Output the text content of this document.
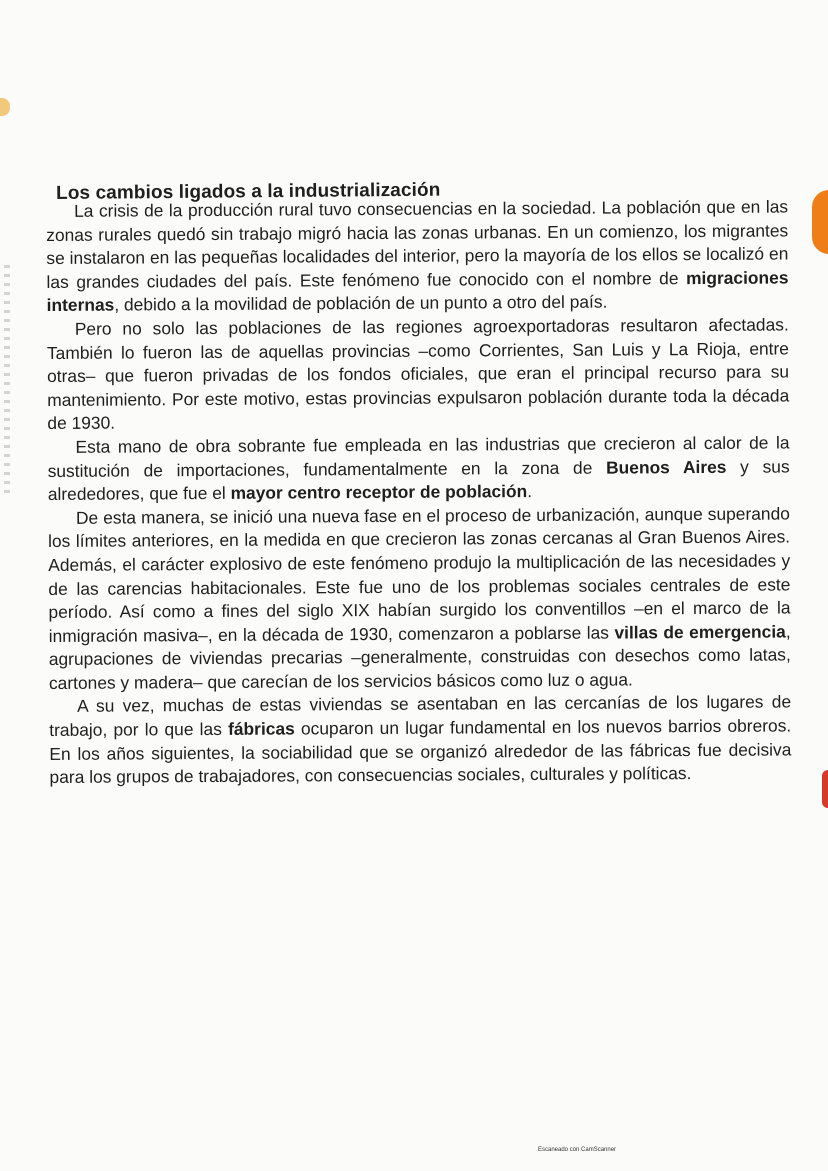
Los cambios ligados a la industrialización

La crisis de la producción rural tuvo consecuencias en la sociedad. La población que en las zonas rurales quedó sin trabajo migró hacia las zonas urbanas. En un comienzo, los migrantes se instalaron en las pequeñas localidades del interior, pero la mayoría de los ellos se localizó en las grandes ciudades del país. Este fenómeno fue conocido con el nombre de migraciones internas, debido a la movilidad de población de un punto a otro del país.

Pero no solo las poblaciones de las regiones agroexportadoras resultaron afectadas. También lo fueron las de aquellas provincias –como Corrientes, San Luis y La Rioja, entre otras– que fueron privadas de los fondos oficiales, que eran el principal recurso para su mantenimiento. Por este motivo, estas provincias expulsaron población durante toda la década de 1930.

Esta mano de obra sobrante fue empleada en las industrias que crecieron al calor de la sustitución de importaciones, fundamentalmente en la zona de Buenos Aires y sus alrededores, que fue el mayor centro receptor de población.

De esta manera, se inició una nueva fase en el proceso de urbanización, aunque superando los límites anteriores, en la medida en que crecieron las zonas cercanas al Gran Buenos Aires. Además, el carácter explosivo de este fenómeno produjo la multiplicación de las necesidades y de las carencias habitacionales. Este fue uno de los problemas sociales centrales de este período. Así como a fines del siglo XIX habían surgido los conventillos –en el marco de la inmigración masiva–, en la década de 1930, comenzaron a poblarse las villas de emergencia, agrupaciones de viviendas precarias –generalmente, construidas con desechos como latas, cartones y madera– que carecían de los servicios básicos como luz o agua.

A su vez, muchas de estas viviendas se asentaban en las cercanías de los lugares de trabajo, por lo que las fábricas ocuparon un lugar fundamental en los nuevos barrios obreros. En los años siguientes, la sociabilidad que se organizó alrededor de las fábricas fue decisiva para los grupos de trabajadores, con consecuencias sociales, culturales y políticas.

Escaneado con CamScanner
